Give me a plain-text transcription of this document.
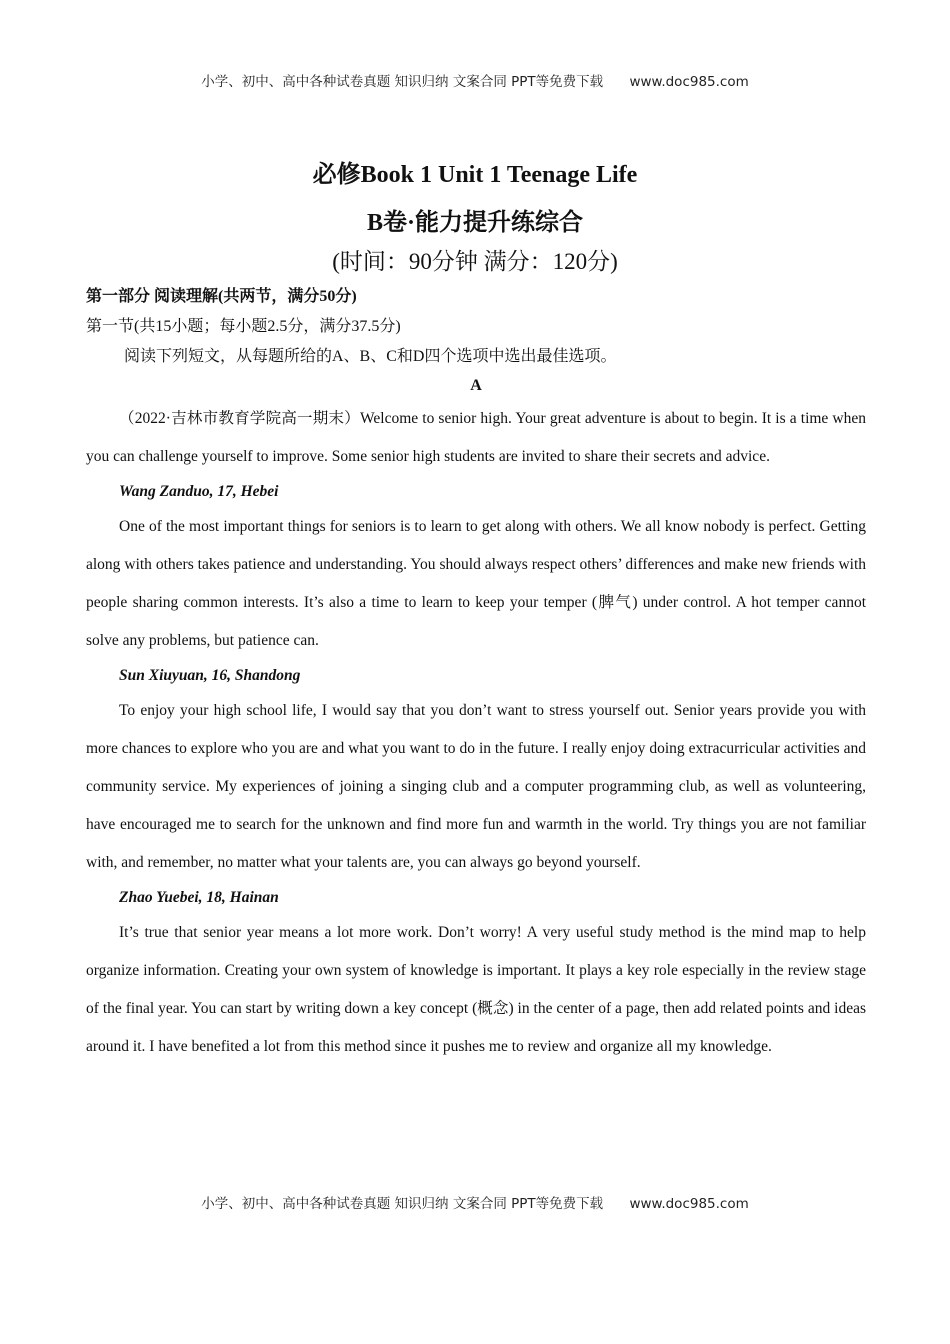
小学、初中、高中各种试卷真题 知识归纳 文案合同 PPT等免费下载 www.doc985.com
必修Book 1 Unit 1 Teenage Life
B卷·能力提升练综合
(时间：90分钟 满分：120分)

第一部分 阅读理解(共两节，满分50分)

第一节(共15小题；每小题2.5分，满分37.5分)

阅读下列短文，从每题所给的A、B、C和D四个选项中选出最佳选项。

A

（2022·吉林市教育学院高一期末）Welcome to senior high. Your great adventure is about to begin. It is a time when you can challenge yourself to improve. Some senior high students are invited to share their secrets and advice.

Wang Zanduo, 17, Hebei

One of the most important things for seniors is to learn to get along with others. We all know nobody is perfect. Getting along with others takes patience and understanding. You should always respect others’ differences and make new friends with people sharing common interests. It’s also a time to learn to keep your temper (脾气) under control. A hot temper cannot solve any problems, but patience can.

Sun Xiuyuan, 16, Shandong

To enjoy your high school life, I would say that you don’t want to stress yourself out. Senior years provide you with more chances to explore who you are and what you want to do in the future. I really enjoy doing extracurricular activities and community service. My experiences of joining a singing club and a computer programming club, as well as volunteering, have encouraged me to search for the unknown and find more fun and warmth in the world. Try things you are not familiar with, and remember, no matter what your talents are, you can always go beyond yourself.

Zhao Yuebei, 18, Hainan

It’s true that senior year means a lot more work. Don’t worry! A very useful study method is the mind map to help organize information. Creating your own system of knowledge is important. It plays a key role especially in the review stage of the final year. You can start by writing down a key concept (概念) in the center of a page, then add related points and ideas around it. I have benefited a lot from this method since it pushes me to review and organize all my knowledge.

小学、初中、高中各种试卷真题 知识归纳 文案合同 PPT等免费下载 www.doc985.com
